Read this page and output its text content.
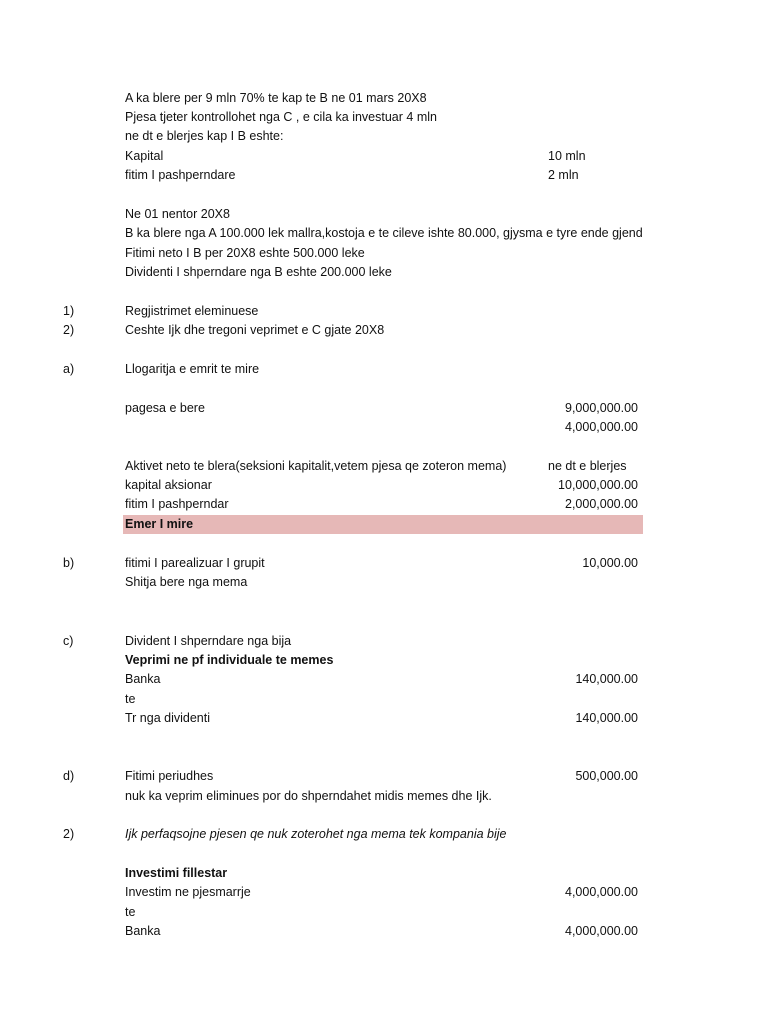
A ka blere per 9 mln 70% te kap te B ne 01 mars 20X8
Pjesa tjeter kontrollohet nga C , e cila ka investuar 4 mln
ne dt e blerjes kap I B eshte:
Kapital	10 mln
fitim I pashperndare	2 mln
Ne 01 nentor 20X8
B ka blere nga A 100.000 lek mallra,kostoja e te cileve ishte 80.000, gjysma e tyre ende gjend
Fitimi neto I B per 20X8 eshte 500.000 leke
Dividenti I shperndare nga B eshte 200.000 leke
1)	Regjistrimet eleminuese
2)	Ceshte Ijk dhe tregoni veprimet e C gjate 20X8
a)	Llogaritja e emrit te mire
pagesa e bere	9,000,000.00
4,000,000.00
Aktivet neto te blera(seksioni kapitalit,vetem pjesa qe zoteron mema)	ne dt e blerjes
kapital aksionar	10,000,000.00
fitim I pashperndar	2,000,000.00
Emer I mire
b)	fitimi I parealizuar I grupit	10,000.00
Shitja bere nga mema
c)	Divident I shperndare nga bija
Veprimi ne pf individuale te memes
Banka	140,000.00
te
Tr nga dividenti	140,000.00
d)	Fitimi periudhes	500,000.00
nuk ka veprim eliminues por do shperndahet midis memes dhe Ijk.
2)	Ijk perfaqsojne pjesen qe nuk zoterohet nga mema tek kompania bije
Investimi fillestar
Investim ne pjesmarrje	4,000,000.00
te
Banka	4,000,000.00
